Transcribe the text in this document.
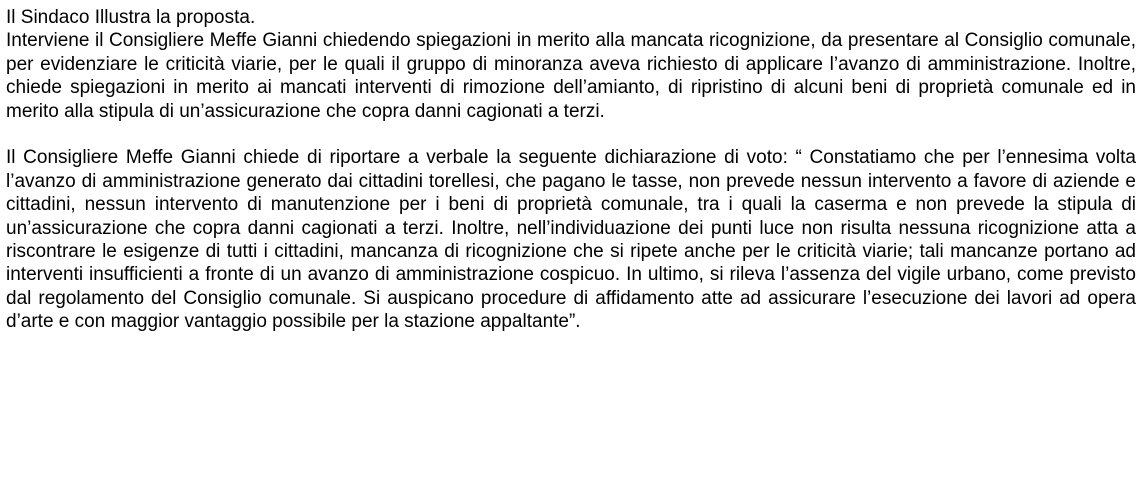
Il Sindaco Illustra la proposta.

Interviene il Consigliere Meffe Gianni chiedendo spiegazioni in merito alla mancata ricognizione, da presentare al Consiglio comunale, per evidenziare le criticità viarie, per le quali il gruppo di minoranza aveva richiesto di applicare l’avanzo di amministrazione. Inoltre, chiede spiegazioni in merito ai mancati interventi di rimozione dell’amianto, di ripristino di alcuni beni di proprietà comunale ed in merito alla stipula di un’assicurazione che copra danni cagionati a terzi.

Il Consigliere Meffe Gianni chiede di riportare a verbale la seguente dichiarazione di voto: “ Constatiamo che per l’ennesima volta l’avanzo di amministrazione generato dai cittadini torellesi, che pagano le tasse, non prevede nessun intervento a favore di aziende e cittadini, nessun intervento di manutenzione per i beni di proprietà comunale, tra i quali la caserma e non prevede la stipula di un’assicurazione che copra danni cagionati a terzi. Inoltre, nell’individuazione dei punti luce non risulta nessuna ricognizione atta a riscontrare le esigenze di tutti i cittadini, mancanza di ricognizione che si ripete anche per le criticità viarie; tali mancanze portano ad interventi insufficienti a fronte di un avanzo di amministrazione cospicuo. In ultimo, si rileva l’assenza del vigile urbano, come previsto dal regolamento del Consiglio comunale. Si auspicano procedure di affidamento atte ad assicurare l’esecuzione dei lavori ad opera d’arte e con maggior vantaggio possibile per la stazione appaltante”.
